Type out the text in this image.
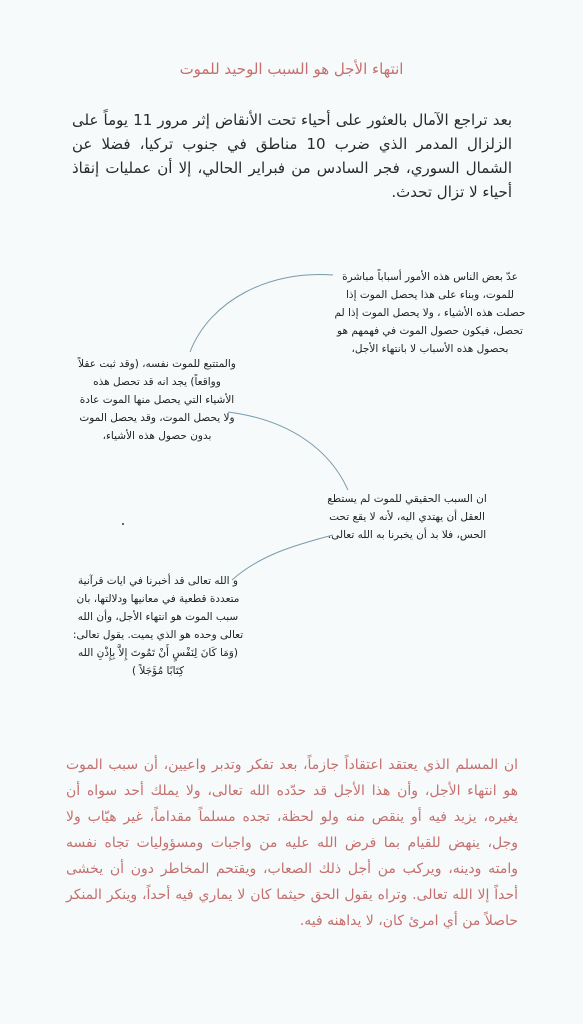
انتهاء الأجل هو السبب الوحيد للموت
بعد تراجع الآمال بالعثور على أحياء تحت الأنقاض إثر مرور 11 يوماً على الزلزال المدمر الذي ضرب 10 مناطق في جنوب تركيا، فضلا عن الشمال السوري، فجر السادس من فبراير الحالي، إلا أن عمليات إنقاذ أحياء لا تزال تحدث.
عدّ بعض الناس هذه الأمور أسباباً مباشرة للموت، وبناء على هذا يحصل الموت إذا حصلت هذه الأشياء ، ولا يحصل الموت إذا لم تحصل، فيكون حصول الموت في فهمهم هو بحصول هذه الأسباب لا بانتهاء الأجل،
والمتتبع للموت نفسه، (وقد ثبت عقلاً وواقعاً) يجد انه قد تحصل هذه الأشياء التي يحصل منها الموت عادة ولا يحصل الموت، وقد يحصل الموت بدون حصول هذه الأشياء،
ان السبب الحقيقي للموت لم يستطع العقل أن يهتدي اليه، لأنه لا يقع تحت الحس، فلا بد أن يخبرنا به الله تعالى.
و الله تعالى قد أخبرنا في ايات قرآنية متعددة قطعية في معانيها ودلالتها، بان سبب الموت هو انتهاء الأجل، وأن الله تعالى وحده هو الذي يميت. يقول تعالى: (وَمَا كَانَ لِنَفْسٍ أَنْ تَمُوتَ إِلاَّ بِإِذْنِ الله كِتَابًا مُؤَجَلاً )
ان المسلم الذي يعتقد اعتقاداً جازماً، بعد تفكر وتدبر واعيين، أن سبب الموت هو انتهاء الأجل، وأن هذا الأجل قد حدّده الله تعالى، ولا يملك أحد سواه أن يغيره، يزيد فيه أو ينقص منه ولو لحظة، تجده مسلماً مقداماً، غير هيّاب ولا وجل، ينهض للقيام بما فرض الله عليه من واجبات ومسؤوليات تجاه نفسه وامته ودينه، ويركب من أجل ذلك الصعاب، ويقتحم المخاطر دون أن يخشى أحداً إلا الله تعالى. وتراه يقول الحق حيثما كان لا يماري فيه أحداً، وينكر المنكر حاصلاً من أي امرئ كان، لا يداهنه فيه.
